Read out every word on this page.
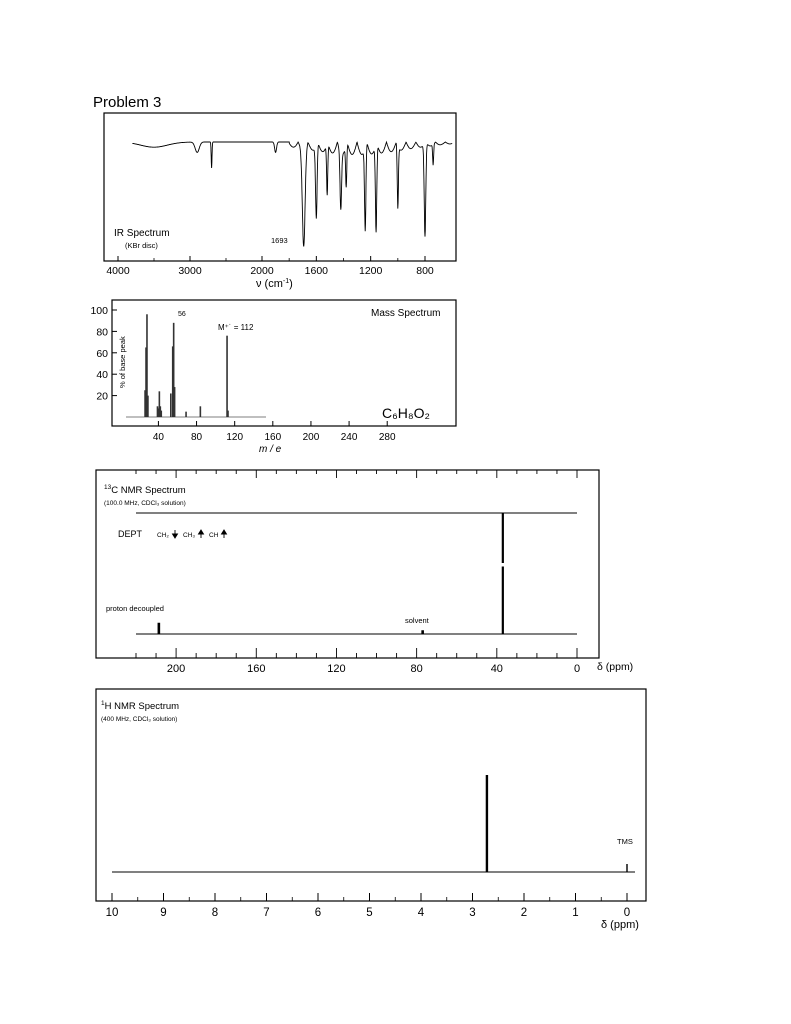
Problem 3
IR Spectrum
(KBr disc)
1693
4000	3000	2000	1600	1200	800
ν $(cm^{-1})$
100
80
60
40
20
40	80 120 160 200 240 280
Mass Spectrum
C₆H₈O₂
56
M⁺˙ = 112
% of base peak
m / e
$^{13}$C NMR Spectrum
(100.0 MHz, CDCl₃ solution)
DEPT CH₂ CH₃ CH
proton decoupled
solvent
200	160	120	80	40	0 δ (ppm)
$^1$H NMR Spectrum
(400 MHz, CDCl₃ solution)
TMS
0
1
2
3
4
5
6
7
8
9
10
δ (ppm)
